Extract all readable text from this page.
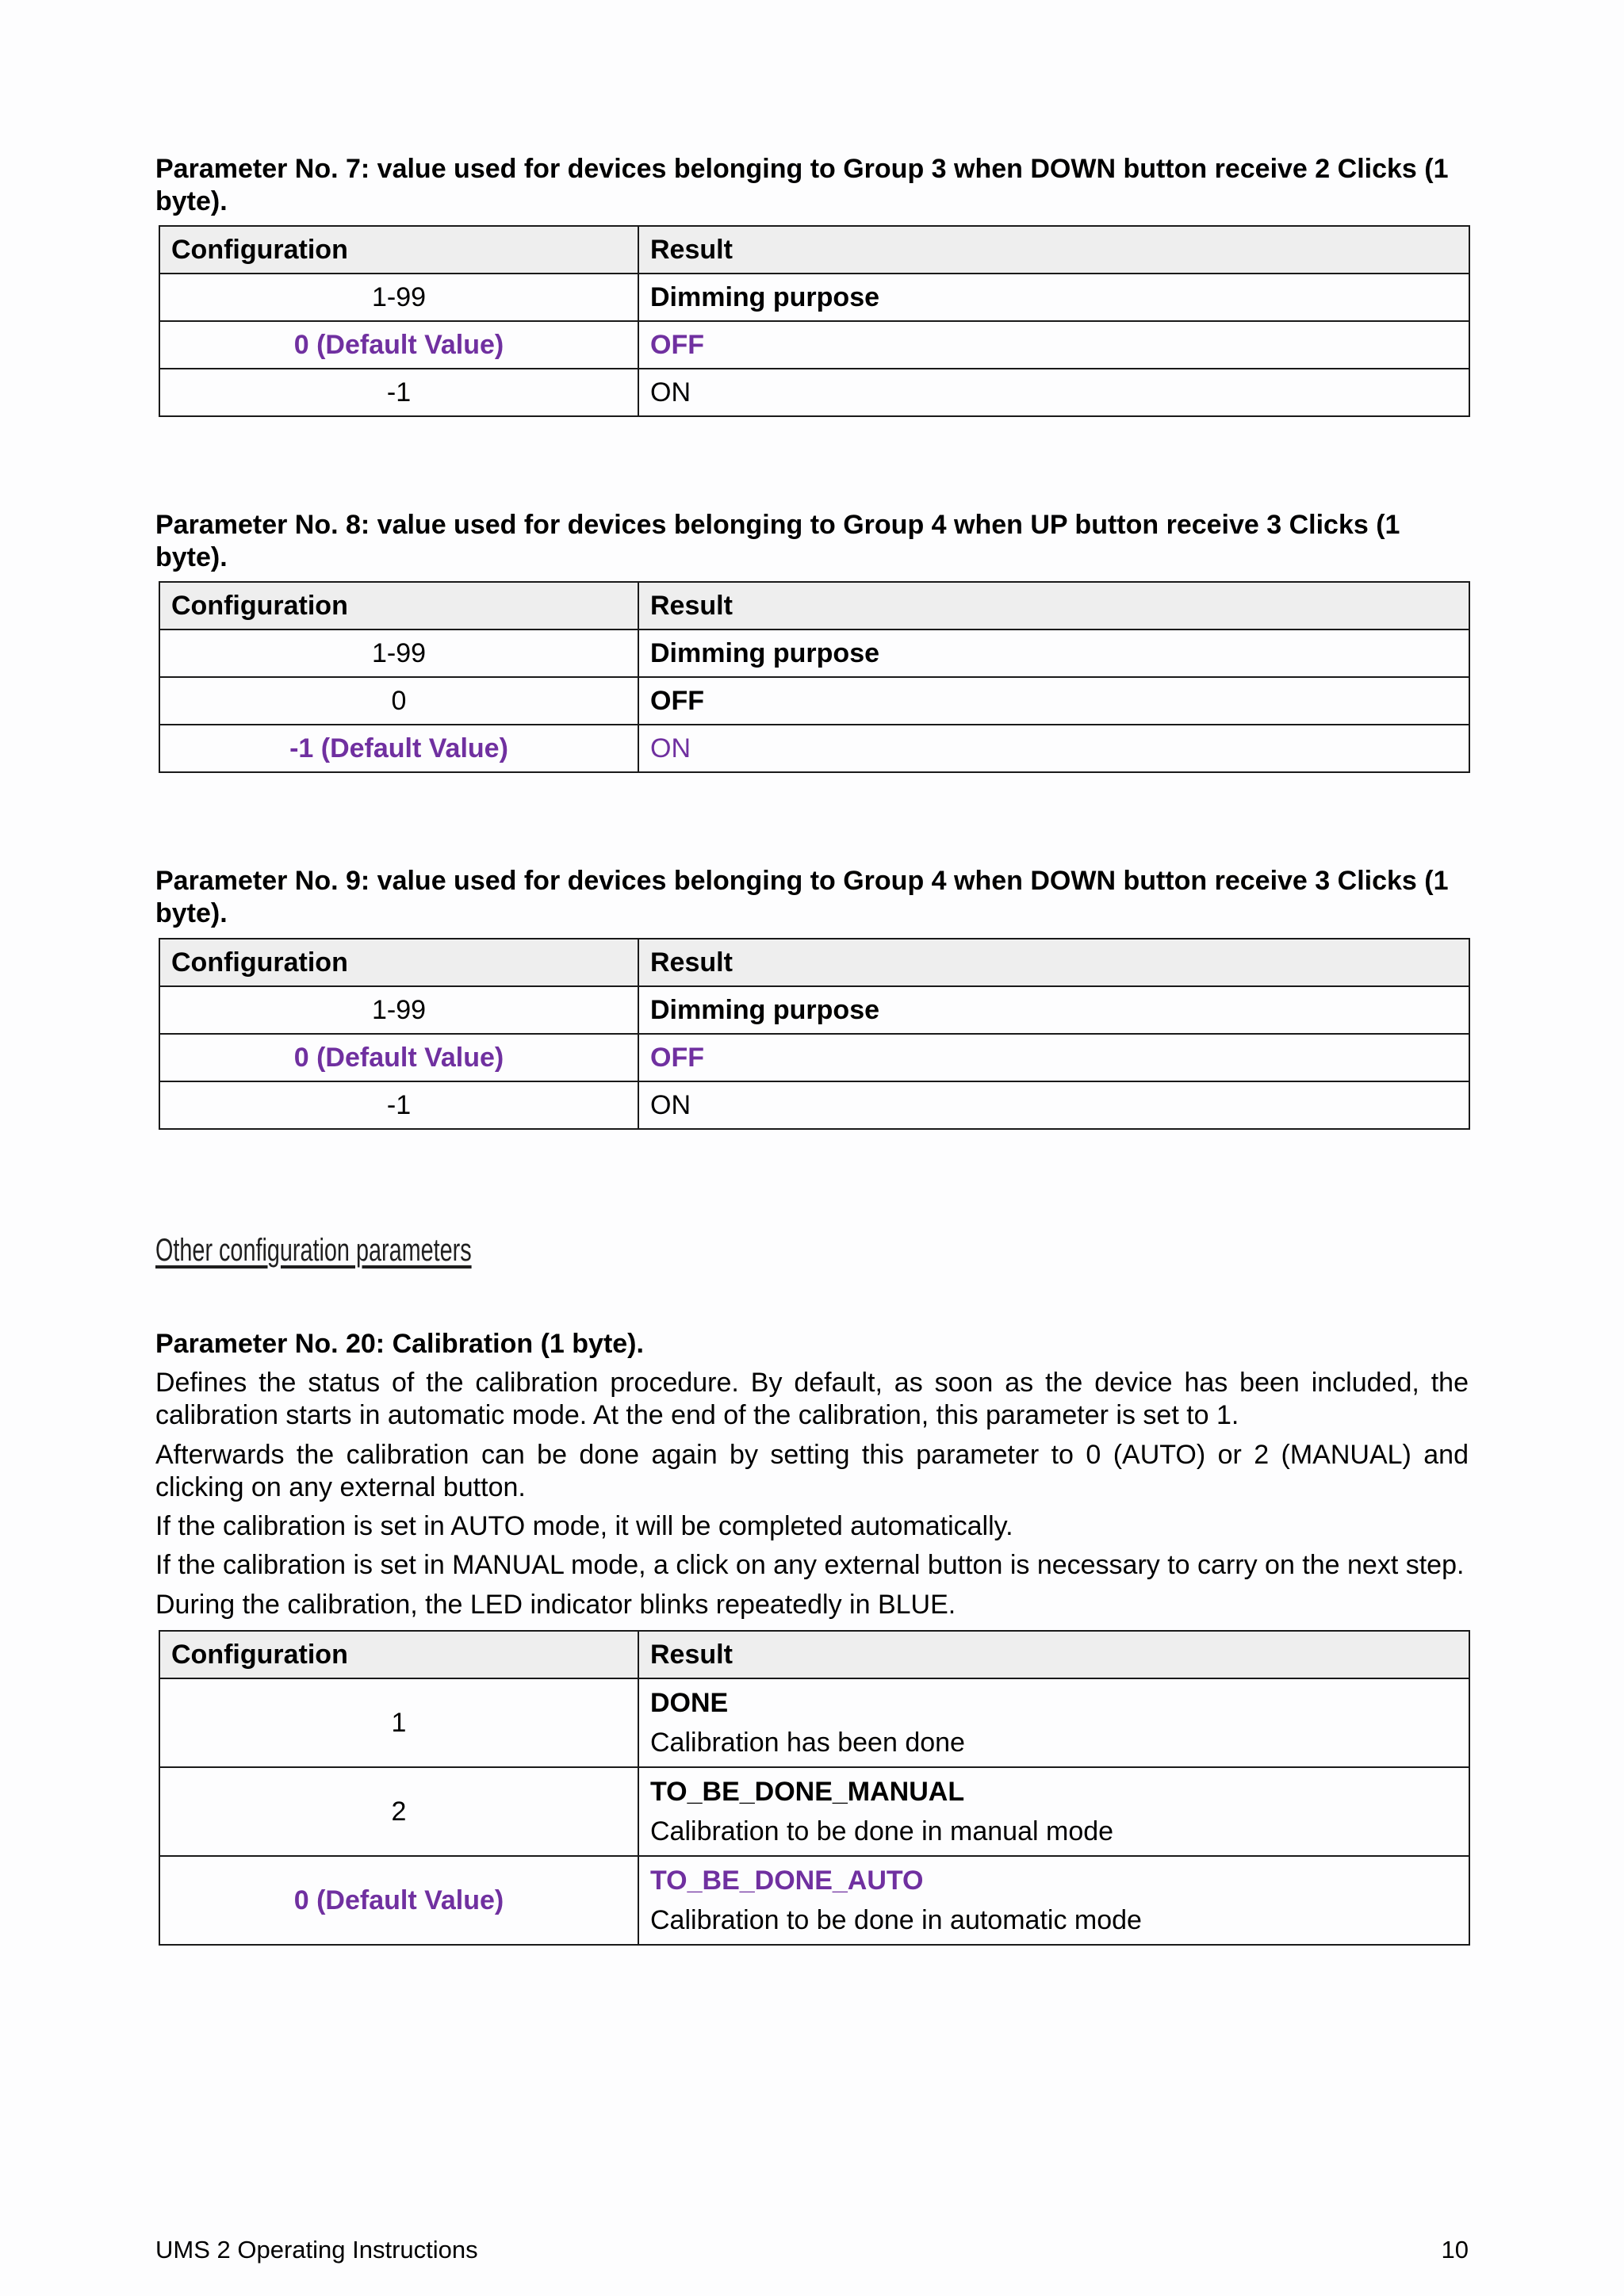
Parameter No. 7: value used for devices belonging to Group 3 when DOWN button receive 2 Clicks (1 byte).

Configuration	Result
1-99	Dimming purpose
0 (Default Value)	OFF
-1	ON

Parameter No. 8: value used for devices belonging to Group 4 when UP button receive 3 Clicks (1 byte).

Configuration	Result
1-99	Dimming purpose
0	OFF
-1 (Default Value)	ON

Parameter No. 9: value used for devices belonging to Group 4 when DOWN button receive 3 Clicks (1 byte).

Configuration	Result
1-99	Dimming purpose
0 (Default Value)	OFF
-1	ON
Other configuration parameters

Parameter No. 20: Calibration (1 byte).

Defines the status of the calibration procedure. By default, as soon as the device has been included, the calibration starts in automatic mode. At the end of the calibration, this parameter is set to 1.

Afterwards the calibration can be done again by setting this parameter to 0 (AUTO) or 2 (MANUAL) and clicking on any external button.

If the calibration is set in AUTO mode, it will be completed automatically.

If the calibration is set in MANUAL mode, a click on any external button is necessary to carry on the next step.

During the calibration, the LED indicator blinks repeatedly in BLUE.

Configuration	Result
1	DONE
Calibration has been done

2	TO_BE_DONE_MANUAL
Calibration to be done in manual mode

0 (Default Value)	TO_BE_DONE_AUTO
Calibration to be done in automatic mode
UMS 2 Operating Instructions	10
